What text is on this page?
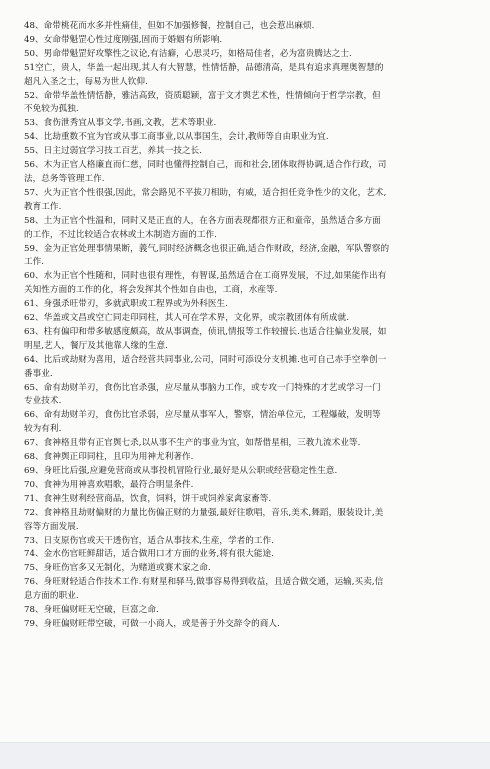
48、命带桃花而水多并性痛佳，但如不加强修餐，控制自己，也会惹出麻烦.
49、女命带魁罡心性过度刚强,固而于婚姻有所影响.
50、男命带魁罡好攻擎性之议论,有洁癖，心思灵巧，如格局佳者，必为富贵腾达之士.
51空亡，贵人，华盖一起出现,其人有大智慧，性情恬静，品德清高，是具有追求真理奥智慧的
超凡入圣之士，每易为世人钦仰.
52、命带华盖性情恬静，雅洁高致，资质聪颖，富于文才舆艺术性，性情倾向于哲学宗教，但
不免较为孤独.
53、食伤泄秀宜从事文学,书画,文教，艺术等职业.
54、比劫重数不宜为官或从事工商事业,以从事国生，会计,教师等自由职业为宜.
55、日主过弱宜学习技工百艺，养其一技之长.
56、木为正官人格廉直而仁慈，同时也懂得控制自己，而和社会,团体取得协调,适合作行政，司
法，总务等管理工作.
57、火为正官个性很强,因此，常会路见不平拔刀相助，有威，适合担任竞争性少的文化，艺术,
教育工作.
58、土为正官个性温和，同时又是正直的人，在各方面表现都很方正和童帝，虽然适合多方面
的工作，不过比较适合农林或土木制造方面的工作.
59、金为正官处理事情果断，義气,同时经济概念也很正确,适合作财政，经济,金融，军队警察的
工作.
60、水为正官个性随和，同时也很有理性，有智谋,虽然适合在工商界发展，不过,如果能作出有
关知性方面的工作的化，将会发挥其个性如自由也，工商，水産等.
61、身强杀旺带刃，多就武职或工程界或为外科医生.
62、华盖或文昌或空亡同走印同柱，其人可在学术界，文化界，或宗教团体有所成就.
63、柱有偏印和带多敏感度颇高，故从事调查，侦讯,情报等工作较擅长.也适合往偏业发展，如
明星,艺人，餐厅及其他靠人缘的生意.
64、比后或劫财为喜用，适合经营共同事业,公司，同时可添设分支机摊.也可自己赤手空拳创一
番事业.
65、命有劫财羊刃，食伤比官杀强，应尽量从事脑力工作，或专攻一门特殊的才艺或学习一门
专业技术.
66、命有劫财羊刃，食伤比官杀弱，应尽量从事军人，警察，情治单位元，工程爆破，发明等
较为有利.
67、食神格且带有正官舆七杀,以从事不生产的事业为宜，如帮借星相，三教九流术业等.
68、食神舆正印同柱，且印为用神尤利著作.
69、身旺比后强,应避免营商或从事投机冒险行业,最好是从公职或经营稳定性生意.
70、食神为用神喜欢唱歌，最符合明显条件.
71、食神生财利经营商品，饮食，饲料，饼干或饲养家禽家畜等.
72、食神格且劫财偏财的力量比伤偏正财的力量强,最好往歌唱，音乐,美术,舞蹈，服装设计,美
容等方面发展.
73、日支原伤官或天干透伤官，适合从事技术,生産，学者的工作.
74、金水伤官旺鲜甜话，适合做用口才方面的业务,将有很大能途.
75、身旺伤官多又无制化，为赌道或赛术家之命.
76、身旺财轻适合作技术工作.有财星和驿马,做事容易得到收益，且适合做交通，运输,买卖,信
息方面的职业.
78、身旺偏财旺无空破，巨富之命.
79、身旺偏财旺带空破，可做一小商人，或是善于外交辞令的商人.
